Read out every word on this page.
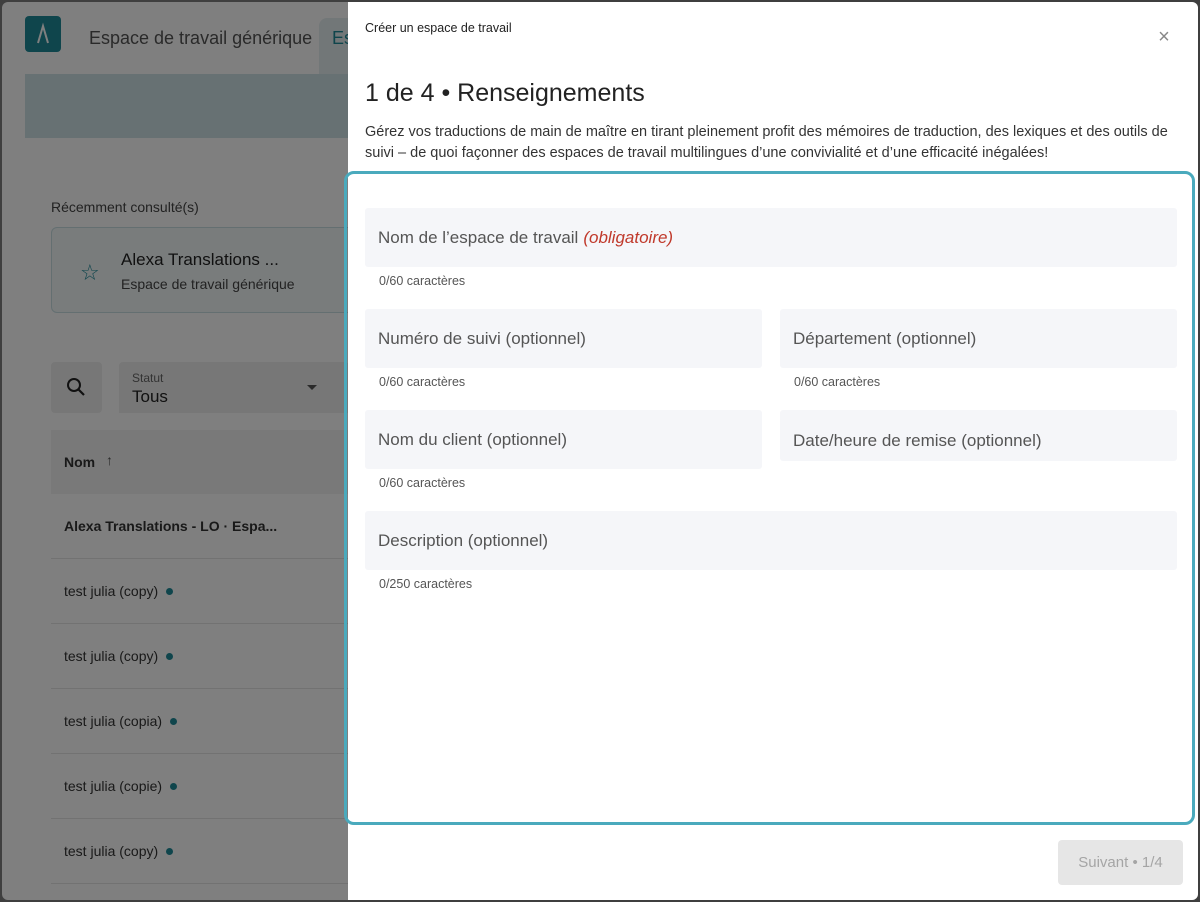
Créer un espace de travail	×
1 de 4 • Renseignements
Gérez vos traductions de main de maître en tirant pleinement profit des mémoires de traduction, des lexiques et des outils de suivi – de quoi façonner des espaces de travail multilingues d’une convivialité et d’une efficacité inégalées!
Nom de l’espace de travail (obligatoire)
0/60 caractères
Numéro de suivi (optionnel)
0/60 caractères
Département (optionnel)
0/60 caractères
Nom du client (optionnel)
0/60 caractères
Date/heure de remise (optionnel)
Description (optionnel)
0/250 caractères
Suivant • 1/4
